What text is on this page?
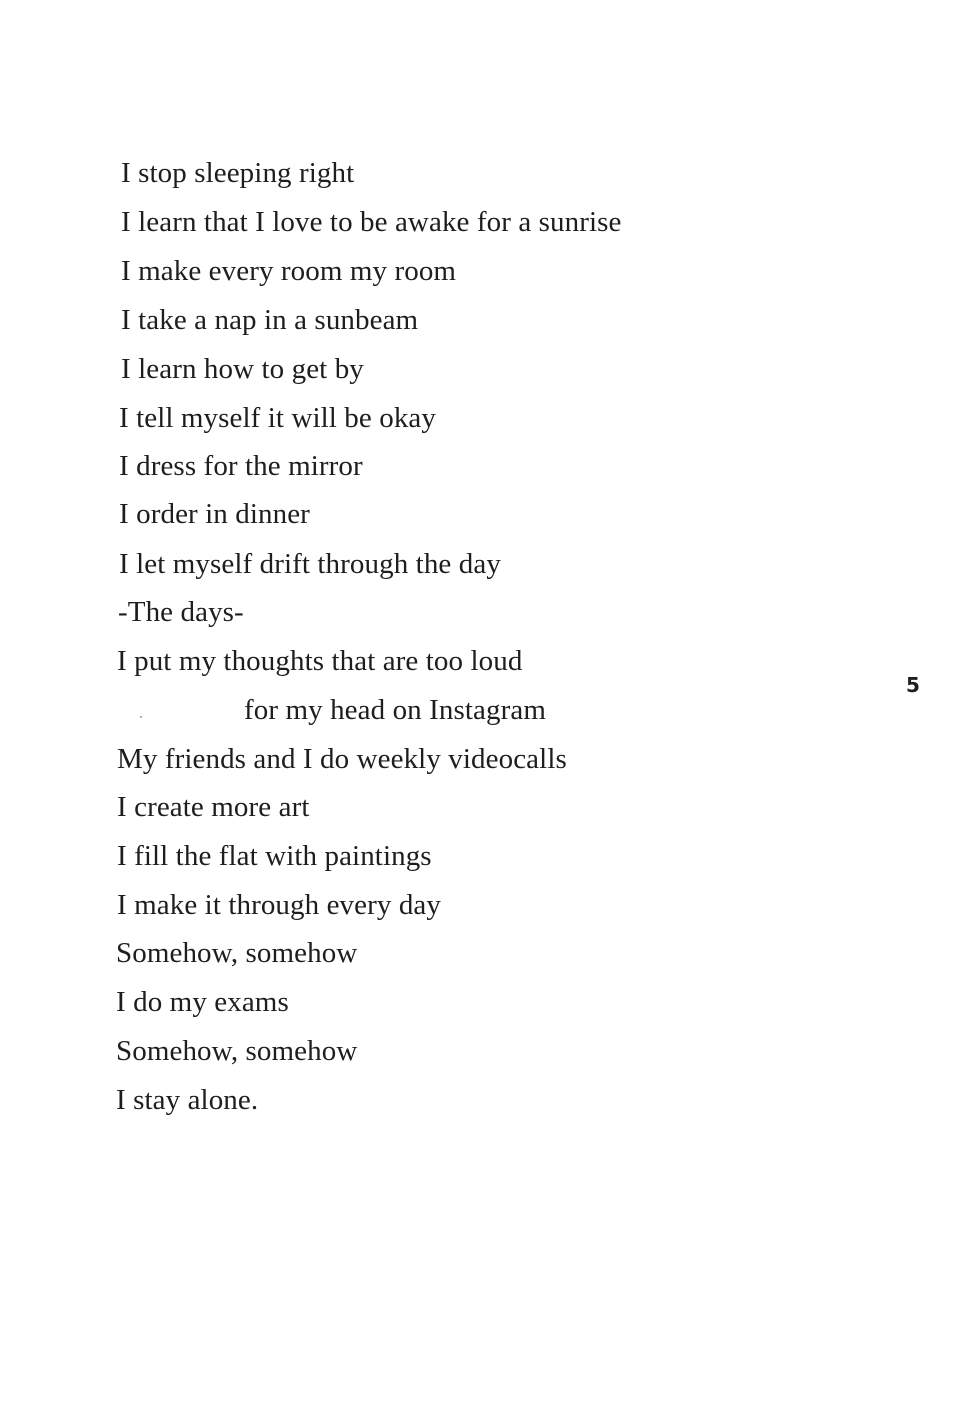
I stop sleeping right
I learn that I love to be awake for a sunrise
I make every room my room
I take a nap in a sunbeam
I learn how to get by
I tell myself it will be okay
I dress for the mirror
I order in dinner
I let myself drift through the day
-The days-
I put my thoughts that are too loud
for my head on Instagram
My friends and I do weekly videocalls
I create more art
I fill the flat with paintings
I make it through every day
Somehow, somehow
I do my exams
Somehow, somehow
I stay alone.
5
